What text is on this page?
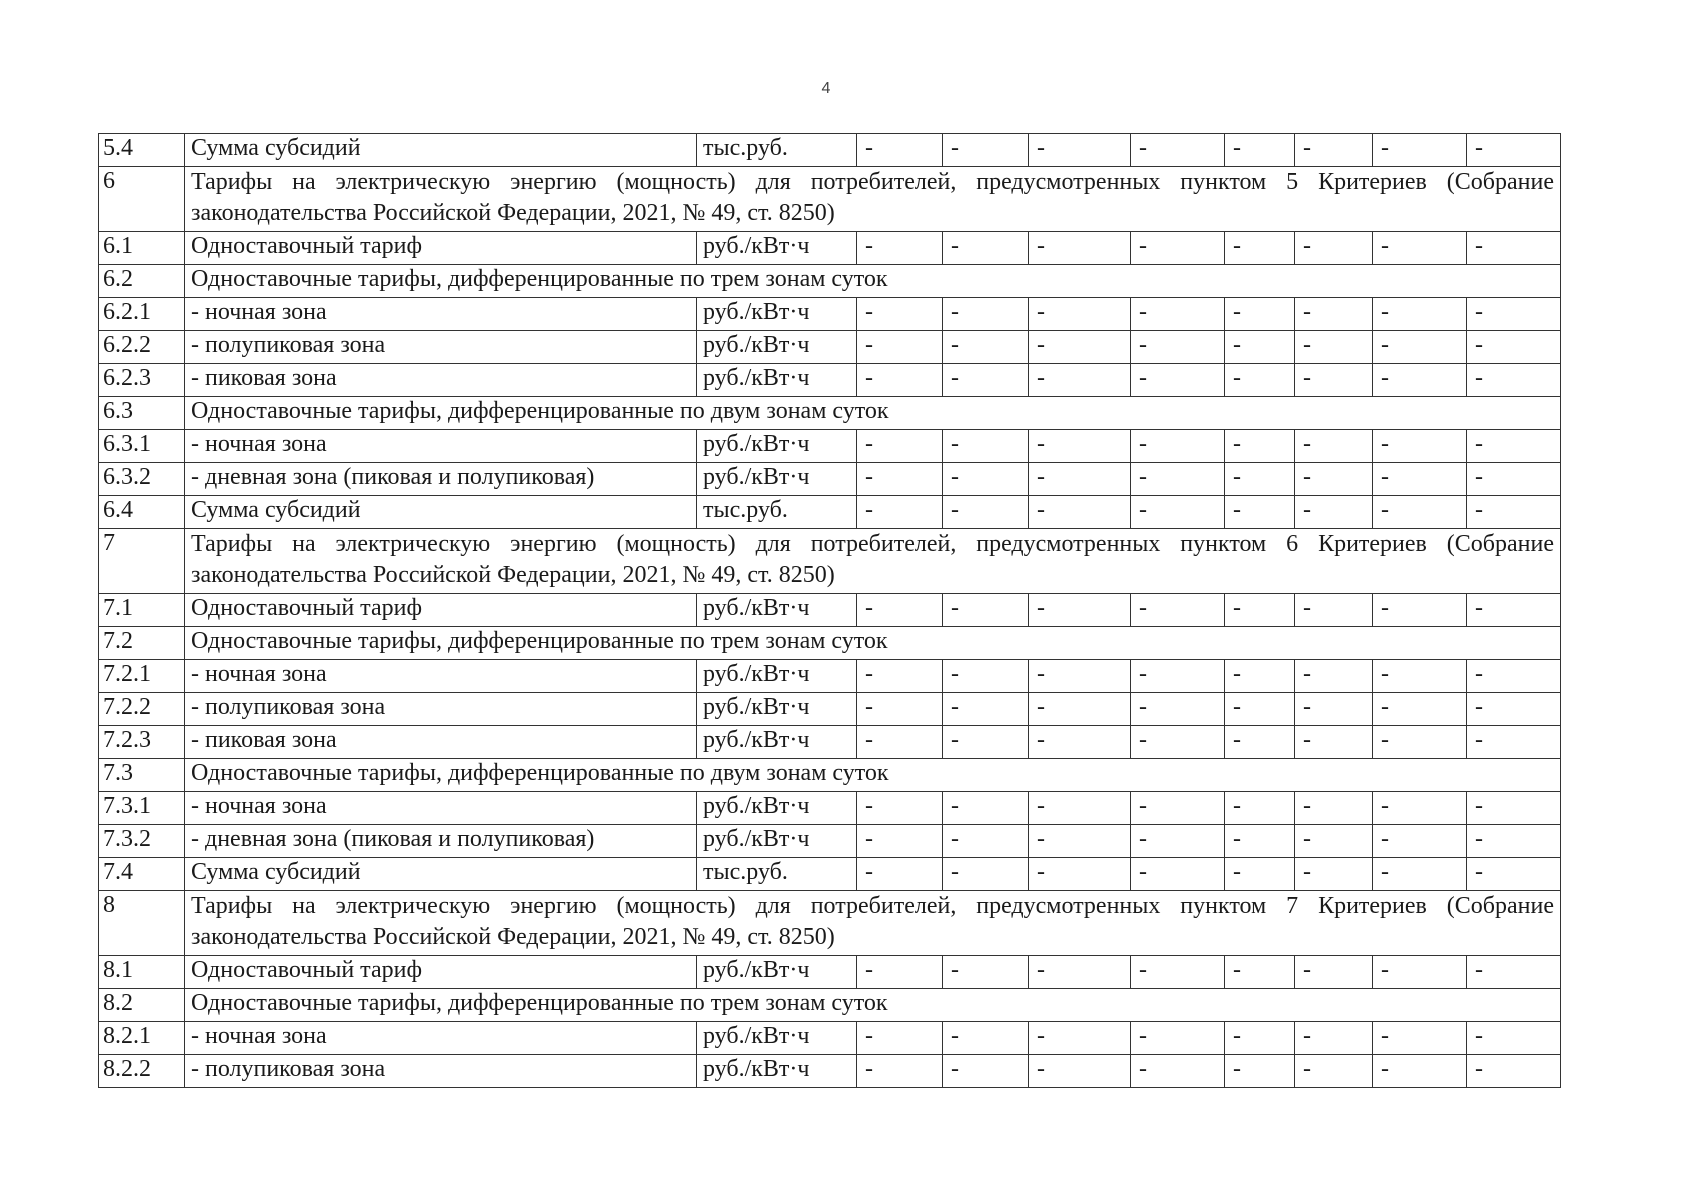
4
5.4	Сумма субсидий	тыс.руб.	-	-	-	-	-	-	-	-
6	Тарифы на электрическую энергию (мощность) для потребителей, предусмотренных пунктом 5 Критериев (Собрание законодательства Российской Федерации, 2021, № 49, ст. 8250)									
6.1	Одноставочный тариф	руб./кВт·ч	-	-	-	-	-	-	-	-
6.2	Одноставочные тарифы, дифференцированные по трем зонам суток									
6.2.1	- ночная зона	руб./кВт·ч	-	-	-	-	-	-	-	-
6.2.2	- полупиковая зона	руб./кВт·ч	-	-	-	-	-	-	-	-
6.2.3	- пиковая зона	руб./кВт·ч	-	-	-	-	-	-	-	-
6.3	Одноставочные тарифы, дифференцированные по двум зонам суток									
6.3.1	- ночная зона	руб./кВт·ч	-	-	-	-	-	-	-	-
6.3.2	- дневная зона (пиковая и полупиковая)	руб./кВт·ч	-	-	-	-	-	-	-	-
6.4	Сумма субсидий	тыс.руб.	-	-	-	-	-	-	-	-
7	Тарифы на электрическую энергию (мощность) для потребителей, предусмотренных пунктом 6 Критериев (Собрание законодательства Российской Федерации, 2021, № 49, ст. 8250)									
7.1	Одноставочный тариф	руб./кВт·ч	-	-	-	-	-	-	-	-
7.2	Одноставочные тарифы, дифференцированные по трем зонам суток									
7.2.1	- ночная зона	руб./кВт·ч	-	-	-	-	-	-	-	-
7.2.2	- полупиковая зона	руб./кВт·ч	-	-	-	-	-	-	-	-
7.2.3	- пиковая зона	руб./кВт·ч	-	-	-	-	-	-	-	-
7.3	Одноставочные тарифы, дифференцированные по двум зонам суток									
7.3.1	- ночная зона	руб./кВт·ч	-	-	-	-	-	-	-	-
7.3.2	- дневная зона (пиковая и полупиковая)	руб./кВт·ч	-	-	-	-	-	-	-	-
7.4	Сумма субсидий	тыс.руб.	-	-	-	-	-	-	-	-
8	Тарифы на электрическую энергию (мощность) для потребителей, предусмотренных пунктом 7 Критериев (Собрание законодательства Российской Федерации, 2021, № 49, ст. 8250)									
8.1	Одноставочный тариф	руб./кВт·ч	-	-	-	-	-	-	-	-
8.2	Одноставочные тарифы, дифференцированные по трем зонам суток									
8.2.1	- ночная зона	руб./кВт·ч	-	-	-	-	-	-	-	-
8.2.2	- полупиковая зона	руб./кВт·ч	-	-	-	-	-	-	-	-
